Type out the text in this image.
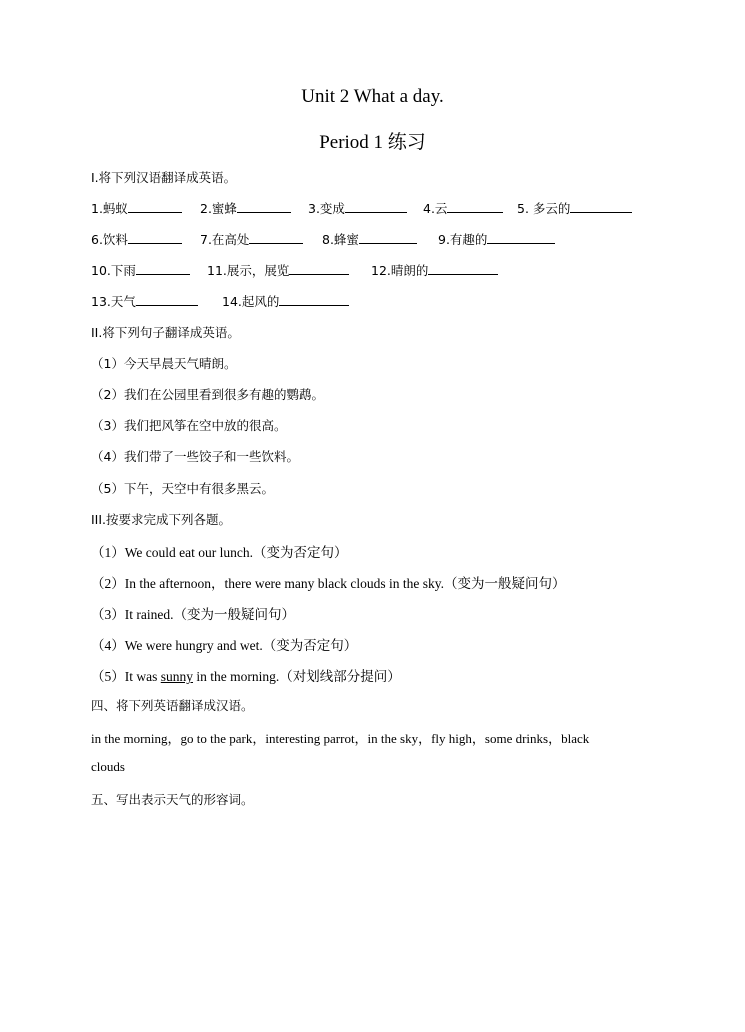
Unit 2 What a day.
Period 1 练习
I.将下列汉语翻译成英语。
1.蚂蚁	2.蜜蜂	3.变成	4.云	5. 多云的
6.饮料	7.在高处	8.蜂蜜	9.有趣的
10.下雨	11.展示，展览	12.晴朗的
13.天气	14.起风的
II.将下列句子翻译成英语。
（1）今天早晨天气晴朗。
（2）我们在公园里看到很多有趣的鹦鹉。
（3）我们把风筝在空中放的很高。
（4）我们带了一些饺子和一些饮料。
（5）下午，天空中有很多黑云。
III.按要求完成下列各题。
（1）We could eat our lunch.（变为否定句）
（2）In the afternoon，there were many black clouds in the sky.（变为一般疑问句）
（3）It rained.（变为一般疑问句）
（4）We were hungry and wet.（变为否定句）
（5）It was sunny in the morning.（对划线部分提问）
四、将下列英语翻译成汉语。
in the morning，go to the park，interesting parrot，in the sky，fly high，some drinks，black
clouds
五、写出表示天气的形容词。
